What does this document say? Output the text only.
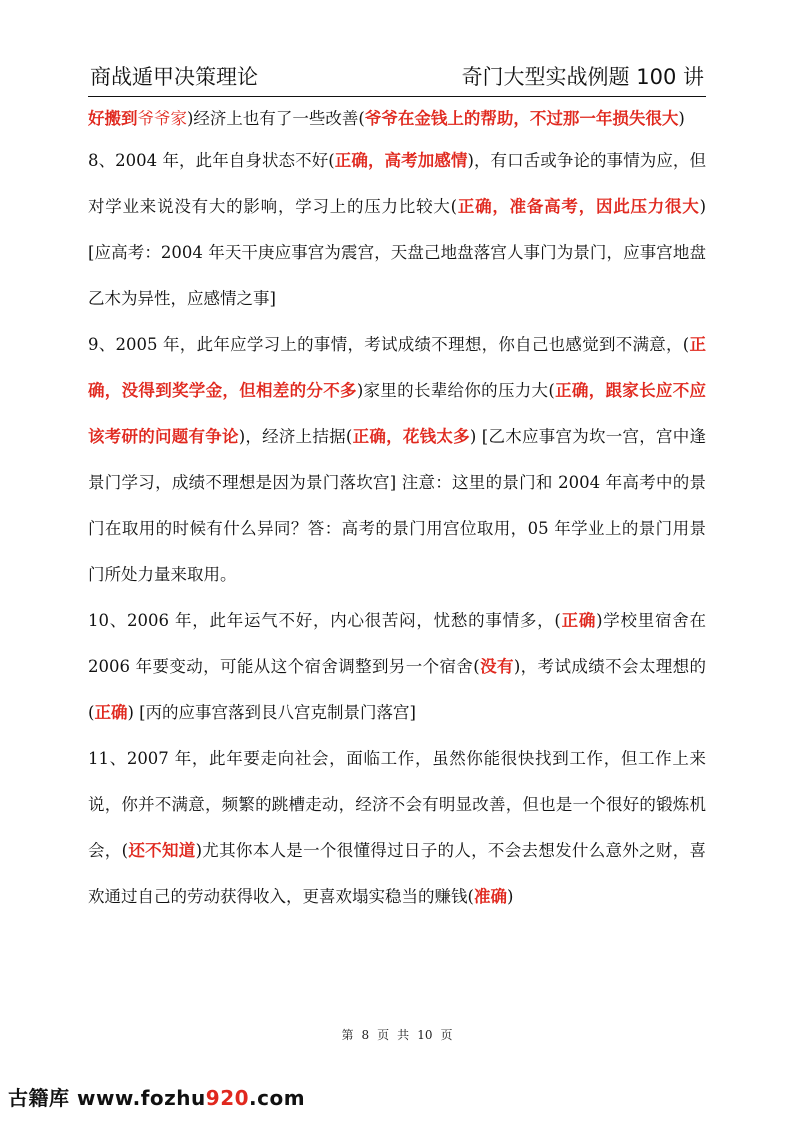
商战遁甲决策理论	奇门大型实战例题 100 讲

好搬到爷爷家)经济上也有了一些改善(爷爷在金钱上的帮助，不过那一年损失很大)

8、2004 年，此年自身状态不好(正确，高考加感情)，有口舌或争论的事情为应，但对学业来说没有大的影响，学习上的压力比较大(正确，准备高考，因此压力很大) [应高考：2004 年天干庚应事宫为震宫，天盘己地盘落宫人事门为景门，应事宫地盘乙木为异性，应感情之事]

9、2005 年，此年应学习上的事情，考试成绩不理想，你自己也感觉到不满意，(正确，没得到奖学金，但相差的分不多)家里的长辈给你的压力大(正确，跟家长应不应该考研的问题有争论)，经济上拮据(正确，花钱太多) [乙木应事宫为坎一宫，宫中逢景门学习，成绩不理想是因为景门落坎宫] 注意：这里的景门和 2004 年高考中的景门在取用的时候有什么异同？答：高考的景门用宫位取用，05 年学业上的景门用景门所处力量来取用。

10、2006 年，此年运气不好，内心很苦闷，忧愁的事情多，(正确)学校里宿舍在 2006 年要变动，可能从这个宿舍调整到另一个宿舍(没有)，考试成绩不会太理想的(正确) [丙的应事宫落到艮八宫克制景门落宫]

11、2007 年，此年要走向社会，面临工作，虽然你能很快找到工作，但工作上来说，你并不满意，频繁的跳槽走动，经济不会有明显改善，但也是一个很好的锻炼机会，(还不知道)尤其你本人是一个很懂得过日子的人，不会去想发什么意外之财，喜欢通过自己的劳动获得收入，更喜欢塌实稳当的赚钱(准确)

第 8 页 共 10 页
古籍库 www.fozhu920.com
